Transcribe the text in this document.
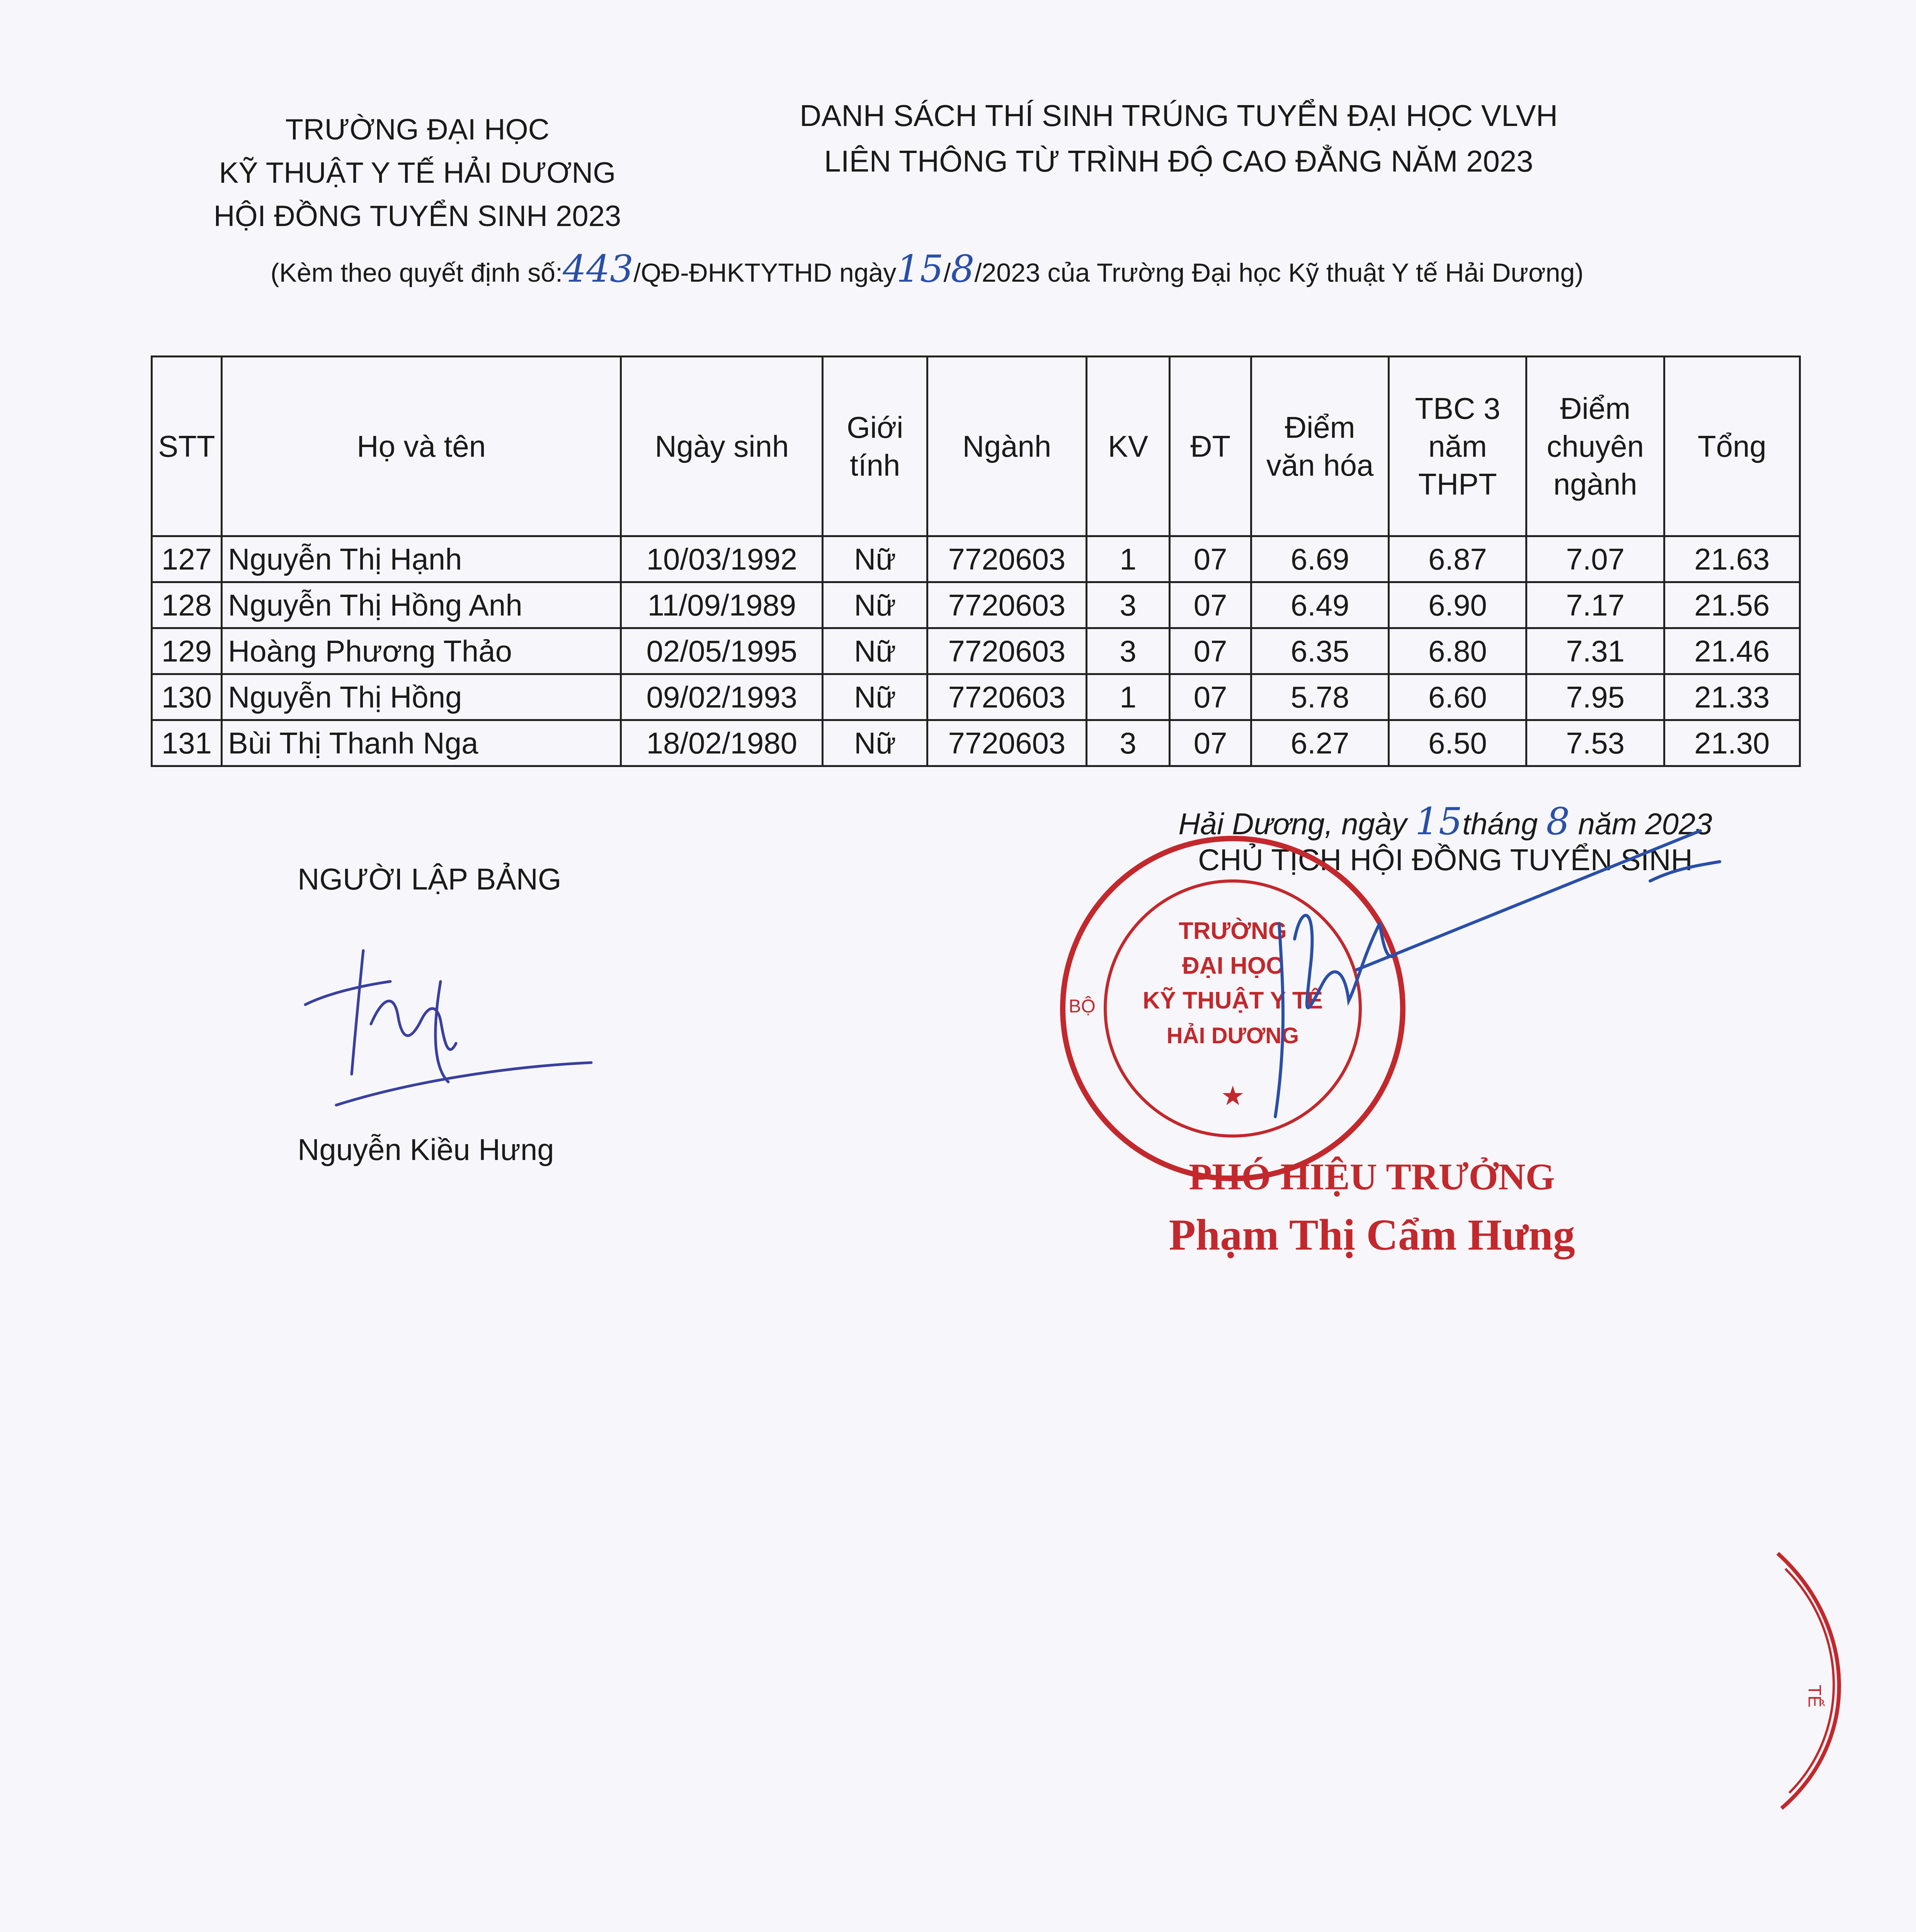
TRƯỜNG ĐẠI HỌC
KỸ THUẬT Y TẾ HẢI DƯƠNG
HỘI ĐỒNG TUYỂN SINH 2023
DANH SÁCH THÍ SINH TRÚNG TUYỂN ĐẠI HỌC VLVH
LIÊN THÔNG TỪ TRÌNH ĐỘ CAO ĐẲNG NĂM 2023
(Kèm theo quyết định số:443/QĐ-ĐHKTYTHD ngày15/8/2023 của Trường Đại học Kỹ thuật Y tế Hải Dương)
STT	Họ và tên	Ngày sinh	Giới tính	Ngành	KV	ĐT	Điểm văn hóa	TBC 3 năm THPT	Điểm chuyên ngành	Tổng
127	Nguyễn Thị Hạnh	10/03/1992	Nữ	7720603	1	07	6.69	6.87	7.07	21.63
128	Nguyễn Thị Hồng Anh	11/09/1989	Nữ	7720603	3	07	6.49	6.90	7.17	21.56
129	Hoàng Phương Thảo	02/05/1995	Nữ	7720603	3	07	6.35	6.80	7.31	21.46
130	Nguyễn Thị Hồng	09/02/1993	Nữ	7720603	1	07	5.78	6.60	7.95	21.33
131	Bùi Thị Thanh Nga	18/02/1980	Nữ	7720603	3	07	6.27	6.50	7.53	21.30
Hải Dương, ngày 15tháng 8 năm 2023
CHỦ TỊCH HỘI ĐỒNG TUYỂN SINH
NGƯỜI LẬP BẢNG
Nguyễn Kiều Hưng
TRƯỜNG
ĐẠI HỌC
KỸ THUẬT Y TẾ
HẢI DƯƠNG
BỘ
★
PHÓ HIỆU TRƯỞNG
Phạm Thị Cẩm Hưng
TẾ
